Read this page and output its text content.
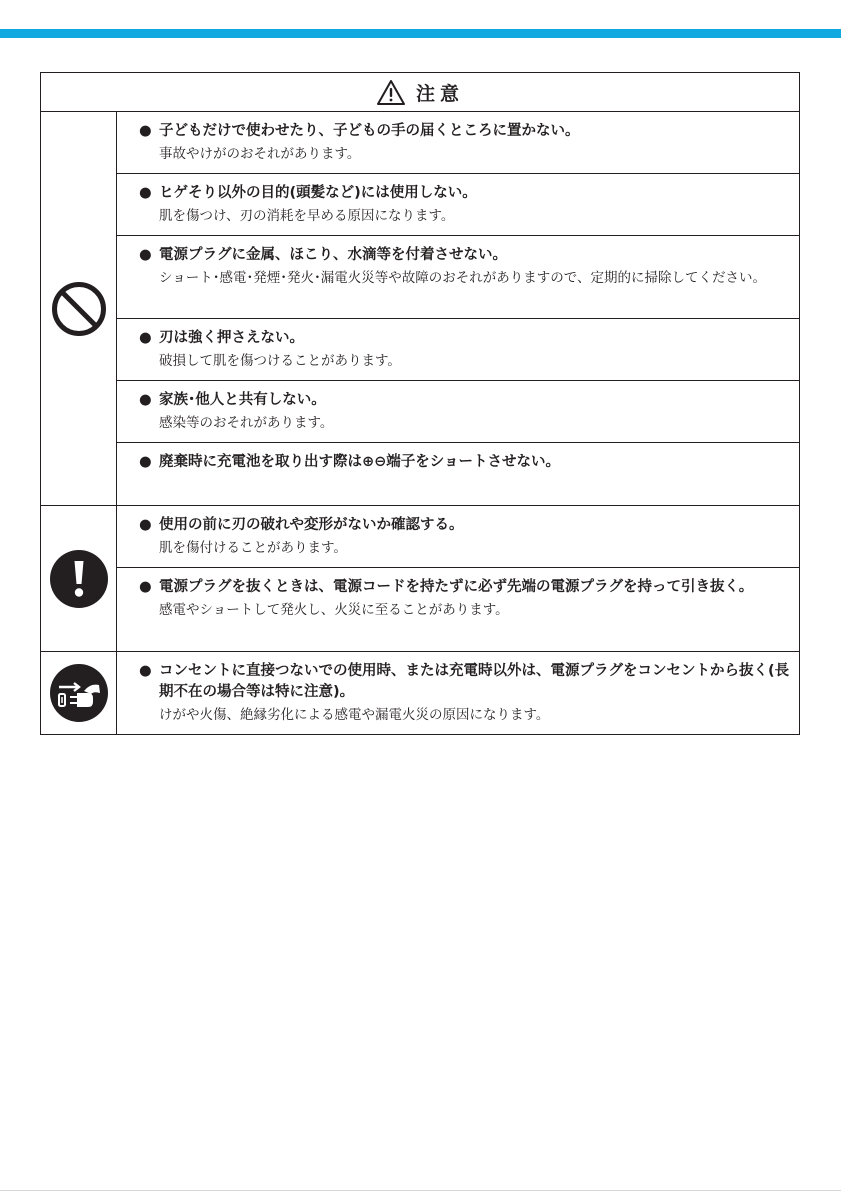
注意
● 子どもだけで使わせたり、子どもの手の届くところに置かない。
事故やけがのおそれがあります。
● ヒゲそり以外の目的(頭髪など)には使用しない。
肌を傷つけ、刃の消耗を早める原因になります。
● 電源プラグに金属、ほこり、水滴等を付着させない。
ショート･感電･発煙･発火･漏電火災等や故障のおそれがありますので、定期的に掃除してください。
● 刃は強く押さえない。
破損して肌を傷つけることがあります。
● 家族･他人と共有しない。
感染等のおそれがあります。
● 廃棄時に充電池を取り出す際は⊕⊖端子をショートさせない。
● 使用の前に刃の破れや変形がないか確認する。
肌を傷付けることがあります。
● 電源プラグを抜くときは、電源コードを持たずに必ず先端の電源プラグを持って引き抜く。
感電やショートして発火し、火災に至ることがあります。
● コンセントに直接つないでの使用時、または充電時以外は、電源プラグをコンセントから抜く(長期不在の場合等は特に注意)。
けがや火傷、絶縁劣化による感電や漏電火災の原因になります。
